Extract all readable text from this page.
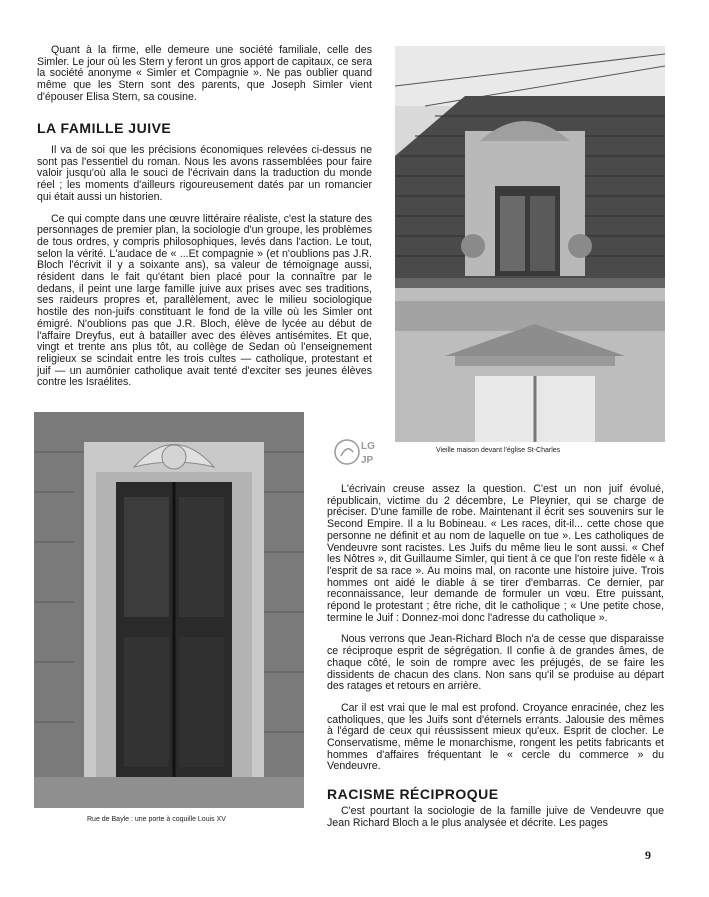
Quant à la firme, elle demeure une société familiale, celle des Simler. Le jour où les Stern y feront un gros apport de capitaux, ce sera la société anonyme « Simler et Compagnie ». Ne pas oublier quand même que les Stern sont des parents, que Joseph Simler vient d'épouser Elisa Stern, sa cousine.

LA FAMILLE JUIVE

Il va de soi que les précisions économiques relevées ci-dessus ne sont pas l'essentiel du roman. Nous les avons rassemblées pour faire valoir jusqu'où alla le souci de l'écrivain dans la traduction du monde réel ; les moments d'ailleurs rigoureusement datés par un romancier qui était aussi un historien.

Ce qui compte dans une œuvre littéraire réaliste, c'est la stature des personnages de premier plan, la sociologie d'un groupe, les problèmes de tous ordres, y compris philosophiques, levés dans l'action. Le tout, selon la vérité. L'audace de « ...Et compagnie » (et n'oublions pas J.R. Bloch l'écrivit il y a soixante ans), sa valeur de témoignage aussi, résident dans le fait qu'étant bien placé pour la connaître par le dedans, il peint une large famille juive aux prises avec ses traditions, ses raideurs propres et, parallèlement, avec le milieu sociologique hostile des non-juifs constituant le fond de la ville où les Simler ont émigré. N'oublions pas que J.R. Bloch, élève de lycée au début de l'affaire Dreyfus, eut à batailler avec des élèves antisémites. Et que, vingt et trente ans plus tôt, au collège de Sedan où l'enseignement religieux se scindait entre les trois cultes — catholique, protestant et juif — un aumônier catholique avait tenté d'exciter ses jeunes élèves contre les Israélites.

Vieille maison devant l'église St-Charles
LG
JP
Rue de Bayle : une porte à coquille Louis XV

L'écrivain creuse assez la question. C'est un non juif évolué, républicain, victime du 2 décembre, Le Pleynier, qui se charge de préciser. D'une famille de robe. Maintenant il écrit ses souvenirs sur le Second Empire. Il a lu Bobineau. « Les races, dit-il... cette chose que personne ne définit et au nom de laquelle on tue ». Les catholiques de Vendeuvre sont racistes. Les Juifs du même lieu le sont aussi. « Chef les Nôtres », dit Guillaume Simler, qui tient à ce que l'on reste fidèle « à l'esprit de sa race ». Au moins mal, on raconte une histoire juive. Trois hommes ont aidé le diable à se tirer d'embarras. Ce dernier, par reconnaissance, leur demande de formuler un vœu. Etre puissant, répond le protestant ; être riche, dit le catholique ; « Une petite chose, termine le Juif : Donnez-moi donc l'adresse du catholique ».

Nous verrons que Jean-Richard Bloch n'a de cesse que disparaisse ce réciproque esprit de ségrégation. Il confie à de grandes âmes, de chaque côté, le soin de rompre avec les préjugés, de se faire les dissidents de chacun des clans. Non sans qu'il se produise au départ des ratages et retours en arrière.

Car il est vrai que le mal est profond. Croyance enracinée, chez les catholiques, que les Juifs sont d'éternels errants. Jalousie des mêmes à l'égard de ceux qui réussissent mieux qu'eux. Esprit de clocher. Le Conservatisme, même le monarchisme, rongent les petits fabricants et hommes d'affaires fréquentant le « cercle du commerce » du Vendeuvre.

RACISME RÉCIPROQUE

C'est pourtant la sociologie de la famille juive de Vendeuvre que Jean Richard Bloch a le plus analysée et décrite. Les pages

9
